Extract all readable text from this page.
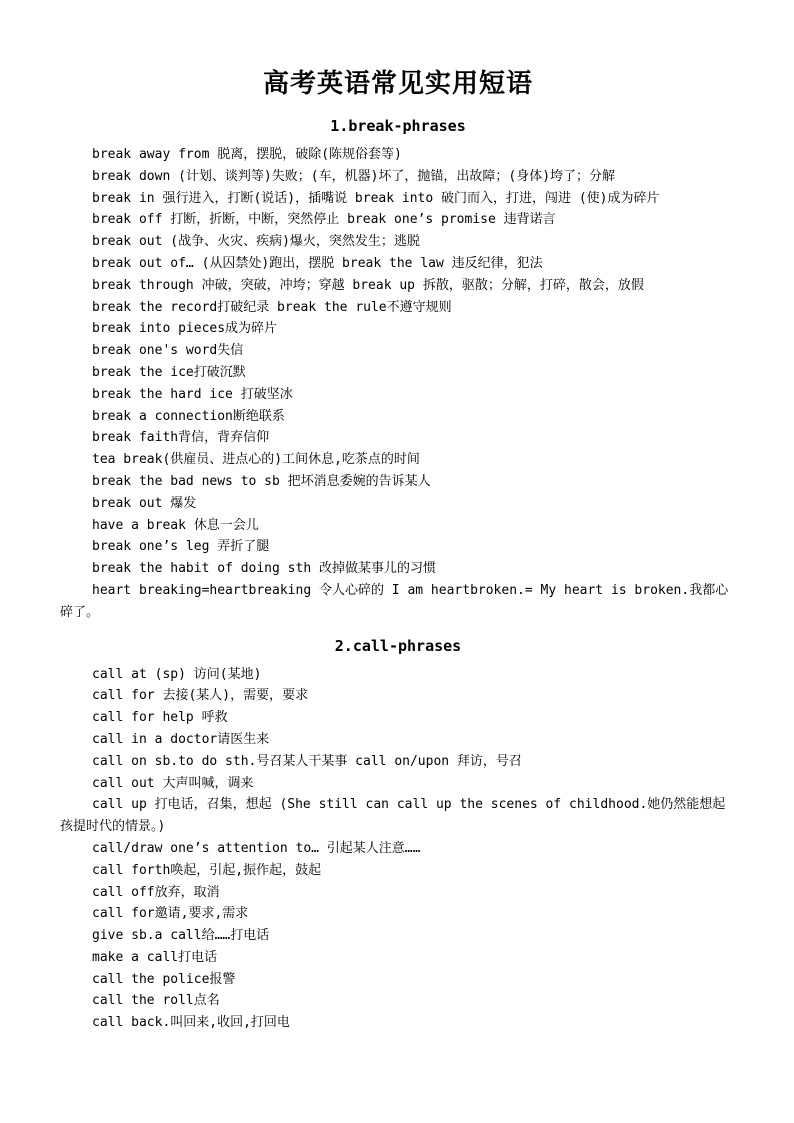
高考英语常见实用短语
1.break-phrases

break away from 脱离，摆脱，破除(陈规俗套等)

break down (计划、谈判等)失败；(车，机器)坏了，抛锚，出故障；(身体)垮了；分解

break in 强行进入，打断(说话)，插嘴说 break into 破门而入，打进，闯进 (使)成为碎片

break off 打断，折断，中断，突然停止 break one’s promise 违背诺言

break out (战争、火灾、疾病)爆火，突然发生；逃脱

break out of… (从囚禁处)跑出，摆脱 break the law 违反纪律，犯法

break through 冲破，突破，冲垮；穿越 break up 拆散，驱散；分解，打碎，散会，放假

break the record打破纪录 break the rule不遵守规则

break into pieces成为碎片

break one's word失信

break the ice打破沉默

break the hard ice 打破坚冰

break a connection断绝联系

break faith背信，背弃信仰

tea break(供雇员、进点心的)工间休息,吃茶点的时间

break the bad news to sb 把坏消息委婉的告诉某人

break out 爆发

have a break 休息一会儿

break one’s leg 弄折了腿

break the habit of doing sth 改掉做某事儿的习惯

heart breaking=heartbreaking 令人心碎的 I am heartbroken.= My heart is broken.我都心碎了。

2.call-phrases

call at (sp) 访问(某地)

call for 去接(某人)，需要，要求

call for help 呼救

call in a doctor请医生来

call on sb.to do sth.号召某人干某事 call on/upon 拜访，号召

call out 大声叫喊，调来

call up 打电话，召集，想起 (She still can call up the scenes of childhood.她仍然能想起孩提时代的情景。)

call/draw one’s attention to… 引起某人注意……

call forth唤起，引起,振作起，鼓起

call off放弃，取消

call for邀请,要求,需求

give sb.a call给……打电话

make a call打电话

call the police报警

call the roll点名

call back.叫回来,收回,打回电
